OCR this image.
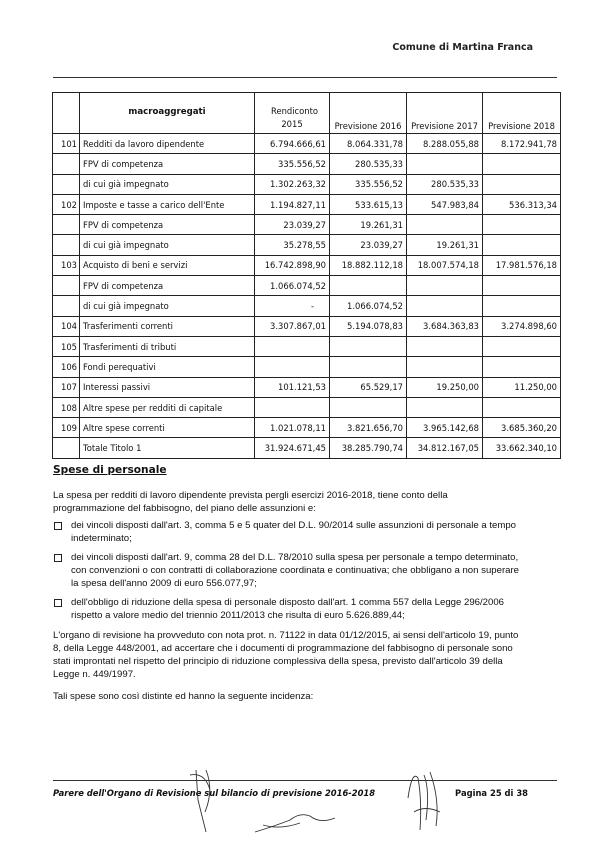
Comune di Martina Franca
	macroaggregati	Rendiconto 2015	Previsione 2016	Previsione 2017	Previsione 2018
101	Redditi da lavoro dipendente	6.794.666,61	8.064.331,78	8.288.055,88	8.172.941,78
	FPV di competenza	335.556,52	280.535,33		
	di cui già impegnato	1.302.263,32	335.556,52	280.535,33	
102	Imposte e tasse a carico dell'Ente	1.194.827,11	533.615,13	547.983,84	536.313,34
	FPV di competenza	23.039,27	19.261,31		
	di cui già impegnato	35.278,55	23.039,27	19.261,31	
103	Acquisto di beni e servizi	16.742.898,90	18.882.112,18	18.007.574,18	17.981.576,18
	FPV di competenza	1.066.074,52			
	di cui già impegnato	-	1.066.074,52		
104	Trasferimenti correnti	3.307.867,01	5.194.078,83	3.684.363,83	3.274.898,60
105	Trasferimenti di tributi				
106	Fondi perequativi				
107	Interessi passivi	101.121,53	65.529,17	19.250,00	11.250,00
108	Altre spese per redditi di capitale				
109	Altre spese correnti	1.021.078,11	3.821.656,70	3.965.142,68	3.685.360,20
	Totale Titolo 1	31.924.671,45	38.285.790,74	34.812.167,05	33.662.340,10
Spese di personale
La spesa per redditi di lavoro dipendente prevista pergli esercizi 2016-2018, tiene conto della programmazione del fabbisogno, del piano delle assunzioni e:
dei vincoli disposti dall'art. 3, comma 5 e 5 quater del D.L. 90/2014 sulle assunzioni di personale a tempo indeterminato;
dei vincoli disposti dall'art. 9, comma 28 del D.L. 78/2010 sulla spesa per personale a tempo determinato, con convenzioni o con contratti di collaborazione coordinata e continuativa; che obbligano a non superare la spesa dell'anno 2009 di euro 556.077,97;
dell'obbligo di riduzione della spesa di personale disposto dall'art. 1 comma 557 della Legge 296/2006 rispetto a valore medio del triennio 2011/2013 che risulta di euro 5.626.889,44;
L'organo di revisione ha provveduto con nota prot. n. 71122 in data 01/12/2015, ai sensi dell'articolo 19, punto 8, della Legge 448/2001, ad accertare che i documenti di programmazione del fabbisogno di personale sono stati improntati nel rispetto del principio di riduzione complessiva della spesa, previsto dall'articolo 39 della Legge n. 449/1997.
Tali spese sono così distinte ed hanno la seguente incidenza:
Parere dell'Organo di Revisione sul bilancio di previsione 2016-2018	Pagina 25 di 38
